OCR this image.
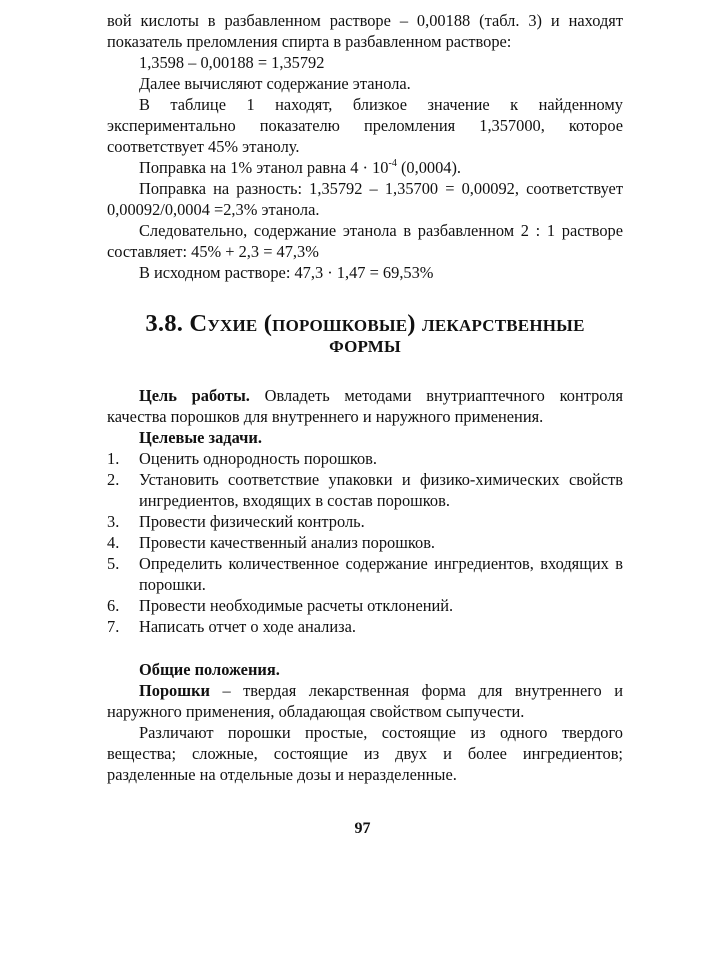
вой кислоты в разбавленном растворе – 0,00188 (табл. 3) и находят показатель преломления спирта в разбавленном растворе:

1,3598 – 0,00188 = 1,35792

Далее вычисляют содержание этанола.

В таблице 1 находят, близкое значение к найденному экспериментально показателю преломления 1,357000, которое соответствует 45% этанолу.

Поправка на 1% этанол равна $4 \cdot 10^{-4}$ (0,0004).

Поправка на разность: 1,35792 – 1,35700 = 0,00092, соответствует 0,00092/0,0004 =2,3% этанола.

Следовательно, содержание этанола в разбавленном 2 : 1 растворе составляет: 45% + 2,3 = 47,3%

В исходном растворе: 47,3 · 1,47 = 69,53%

3.8. Сухие (порошковые) лекарственные формы

Цель работы. Овладеть методами внутриаптечного контроля качества порошков для внутреннего и наружного применения.

Целевые задачи.

1.	Оценить однородность порошков.
2.	Установить соответствие упаковки и физико-химических свойств ингредиентов, входящих в состав порошков.
3.	Провести физический контроль.
4.	Провести качественный анализ порошков.
5.	Определить количественное содержание ингредиентов, входящих в порошки.
6.	Провести необходимые расчеты отклонений.
7.	Написать отчет о ходе анализа.

Общие положения.

Порошки – твердая лекарственная форма для внутреннего и наружного применения, обладающая свойством сыпучести.

Различают порошки простые, состоящие из одного твердого вещества; сложные, состоящие из двух и более ингредиентов; разделенные на отдельные дозы и неразделенные.

97
